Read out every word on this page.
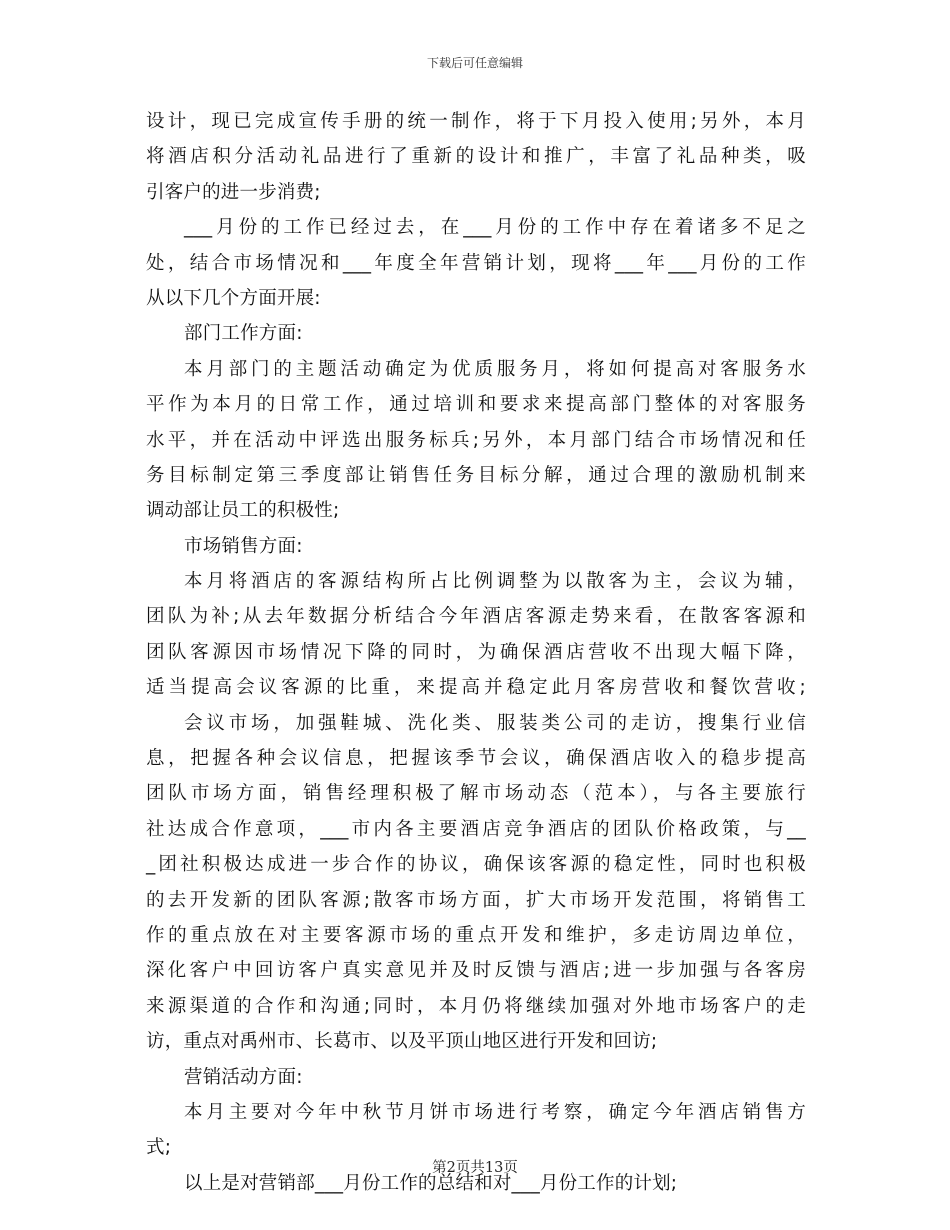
下载后可任意编辑
设计，现已完成宣传手册的统一制作，将于下月投入使用;另外，本月
将酒店积分活动礼品进行了重新的设计和推广，丰富了礼品种类，吸
引客户的进一步消费;
___月份的工作已经过去，在___月份的工作中存在着诸多不足之
处，结合市场情况和___年度全年营销计划，现将___年___月份的工作
从以下几个方面开展:
部门工作方面:
本月部门的主题活动确定为优质服务月，将如何提高对客服务水
平作为本月的日常工作，通过培训和要求来提高部门整体的对客服务
水平，并在活动中评选出服务标兵;另外，本月部门结合市场情况和任
务目标制定第三季度部让销售任务目标分解，通过合理的激励机制来
调动部让员工的积极性;
市场销售方面:
本月将酒店的客源结构所占比例调整为以散客为主，会议为辅，
团队为补;从去年数据分析结合今年酒店客源走势来看，在散客客源和
团队客源因市场情况下降的同时，为确保酒店营收不出现大幅下降，
适当提高会议客源的比重，来提高并稳定此月客房营收和餐饮营收;
会议市场，加强鞋城、洗化类、服装类公司的走访，搜集行业信
息，把握各种会议信息，把握该季节会议，确保酒店收入的稳步提高
团队市场方面，销售经理积极了解市场动态（范本），与各主要旅行
社达成合作意项，___市内各主要酒店竞争酒店的团队价格政策，与__
_团社积极达成进一步合作的协议，确保该客源的稳定性，同时也积极
的去开发新的团队客源;散客市场方面，扩大市场开发范围，将销售工
作的重点放在对主要客源市场的重点开发和维护，多走访周边单位，
深化客户中回访客户真实意见并及时反馈与酒店;进一步加强与各客房
来源渠道的合作和沟通;同时，本月仍将继续加强对外地市场客户的走
访，重点对禹州市、长葛市、以及平顶山地区进行开发和回访;
营销活动方面:
本月主要对今年中秋节月饼市场进行考察，确定今年酒店销售方
式;
以上是对营销部___月份工作的总结和对___月份工作的计划;
第2页共13页
